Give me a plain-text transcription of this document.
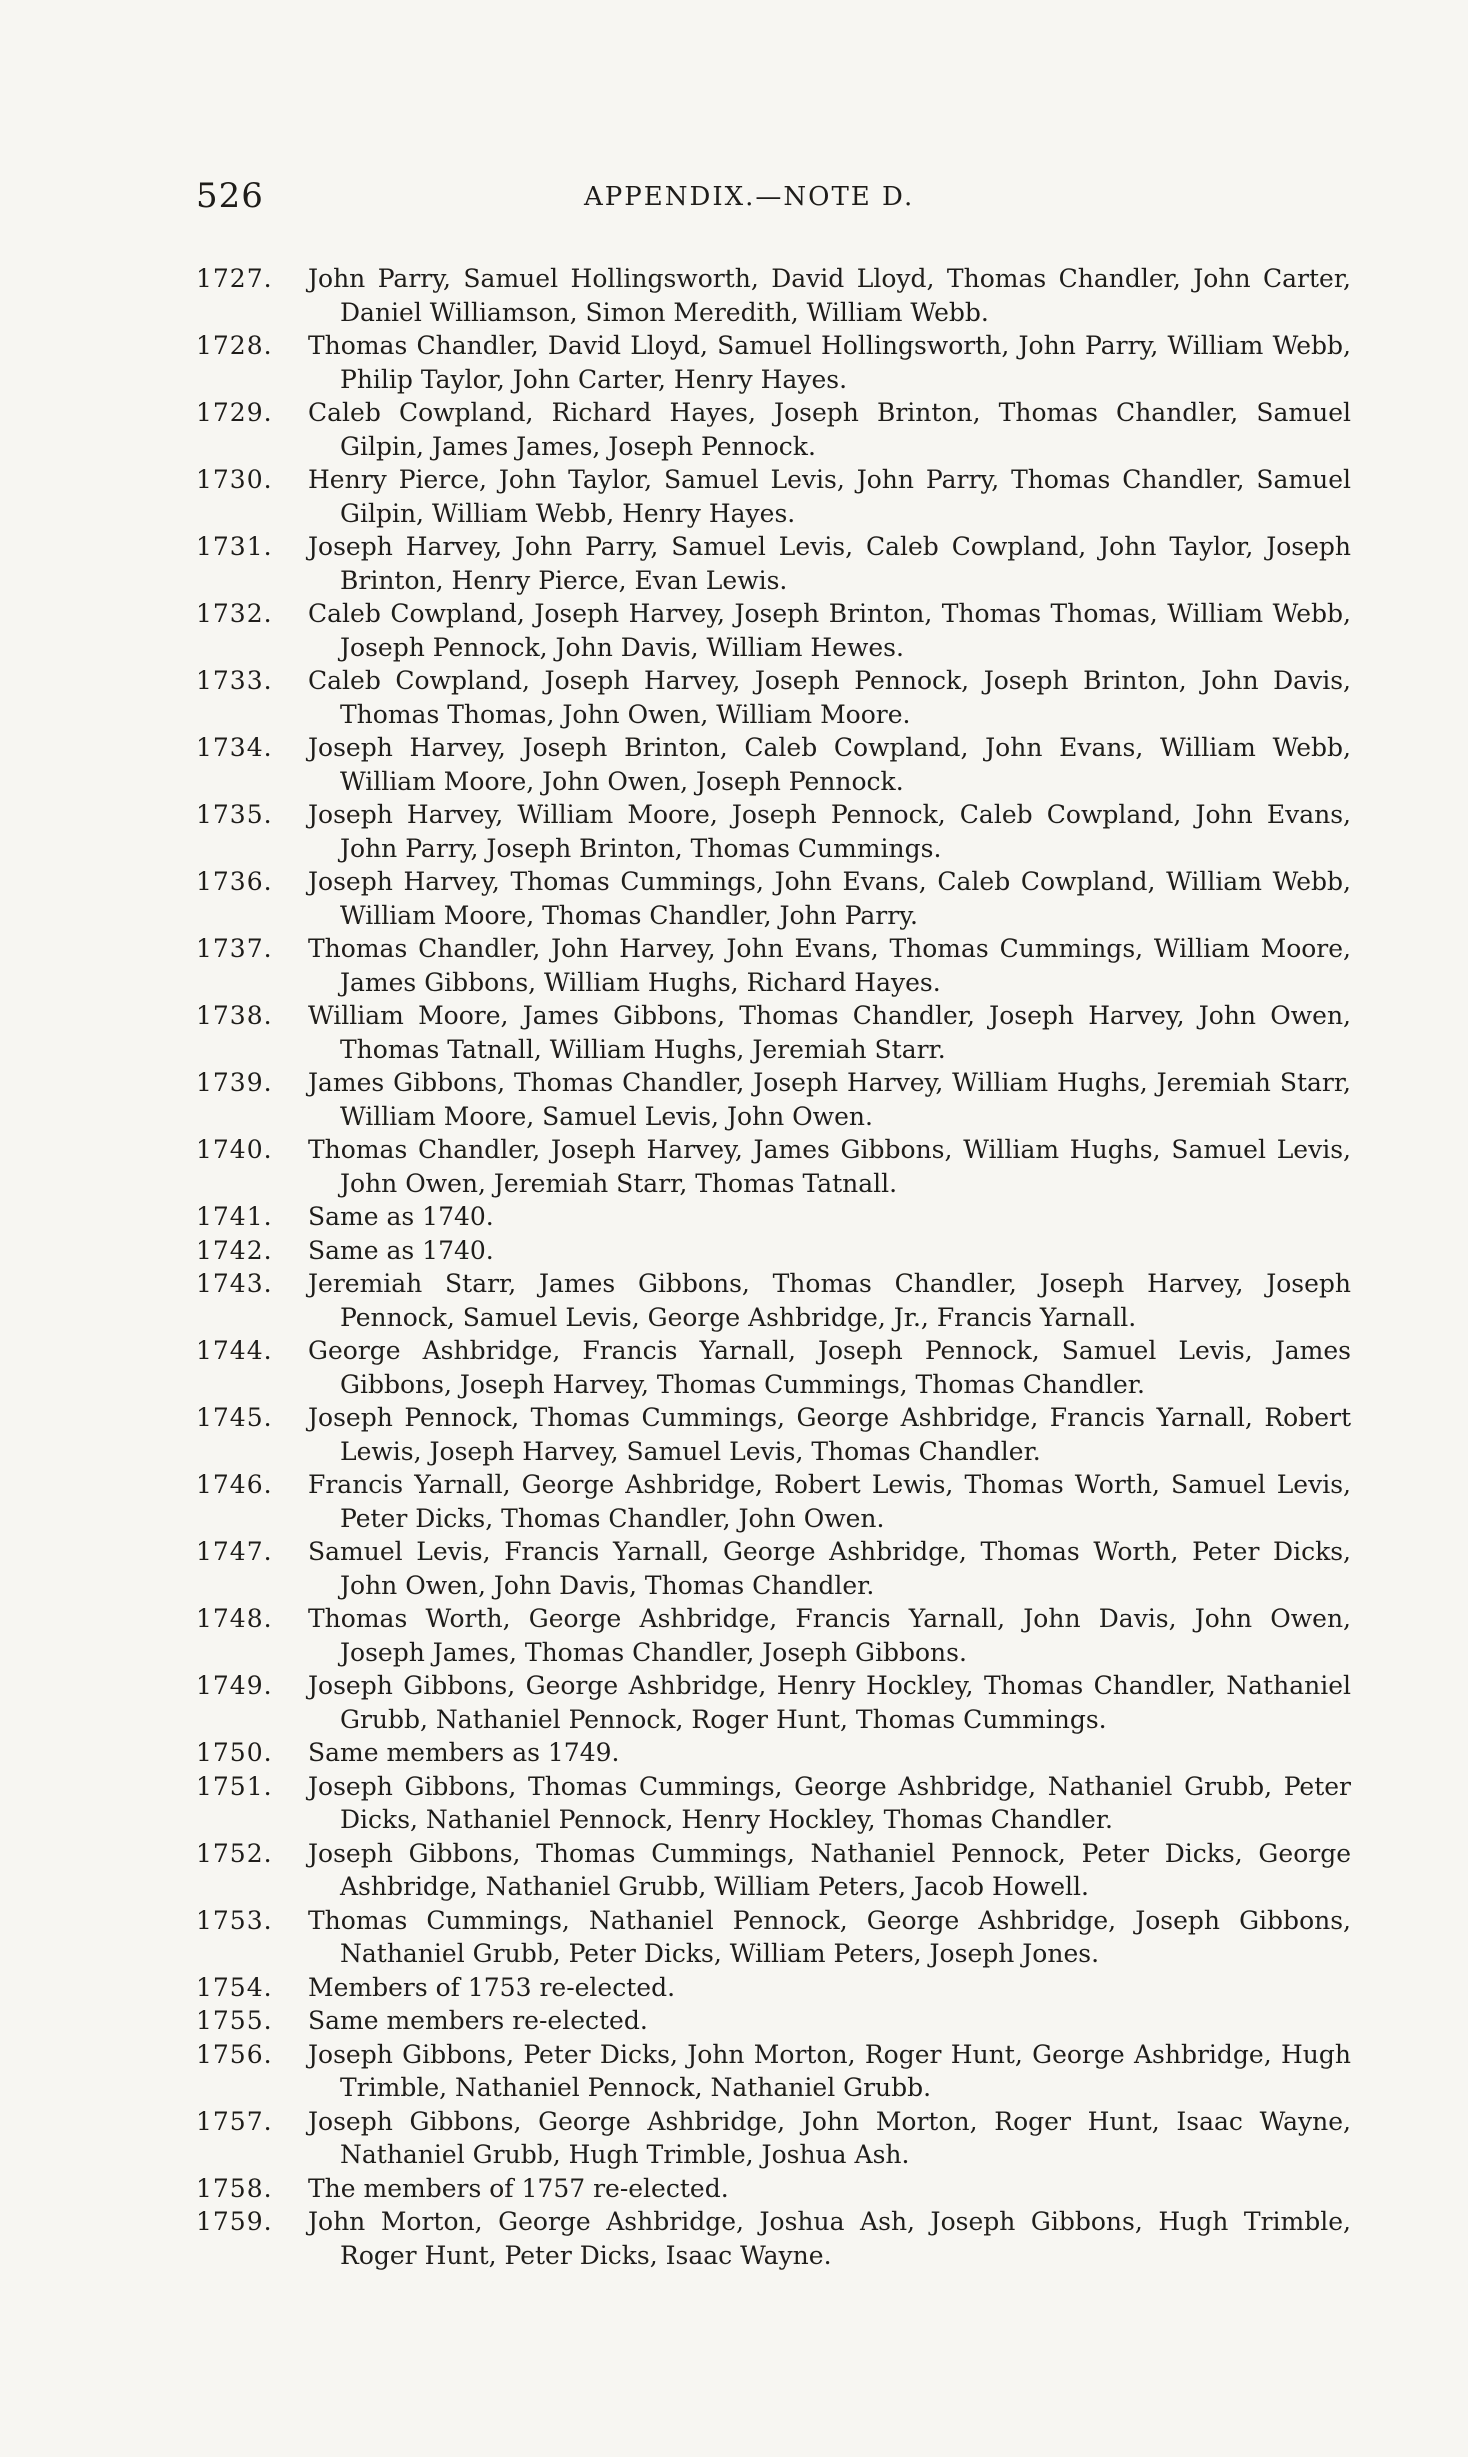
526	APPENDIX.—NOTE D.
1727.	John Parry, Samuel Hollingsworth, David Lloyd, Thomas Chandler, John Carter, Daniel Williamson, Simon Meredith, William Webb.
1728.	Thomas Chandler, David Lloyd, Samuel Hollingsworth, John Parry, William Webb, Philip Taylor, John Carter, Henry Hayes.
1729.	Caleb Cowpland, Richard Hayes, Joseph Brinton, Thomas Chandler, Samuel Gilpin, James James, Joseph Pennock.
1730.	Henry Pierce, John Taylor, Samuel Levis, John Parry, Thomas Chandler, Samuel Gilpin, William Webb, Henry Hayes.
1731.	Joseph Harvey, John Parry, Samuel Levis, Caleb Cowpland, John Taylor, Joseph Brinton, Henry Pierce, Evan Lewis.
1732.	Caleb Cowpland, Joseph Harvey, Joseph Brinton, Thomas Thomas, William Webb, Joseph Pennock, John Davis, William Hewes.
1733.	Caleb Cowpland, Joseph Harvey, Joseph Pennock, Joseph Brinton, John Davis, Thomas Thomas, John Owen, William Moore.
1734.	Joseph Harvey, Joseph Brinton, Caleb Cowpland, John Evans, William Webb, William Moore, John Owen, Joseph Pennock.
1735.	Joseph Harvey, William Moore, Joseph Pennock, Caleb Cowpland, John Evans, John Parry, Joseph Brinton, Thomas Cummings.
1736.	Joseph Harvey, Thomas Cummings, John Evans, Caleb Cowpland, William Webb, William Moore, Thomas Chandler, John Parry.
1737.	Thomas Chandler, John Harvey, John Evans, Thomas Cummings, William Moore, James Gibbons, William Hughs, Richard Hayes.
1738.	William Moore, James Gibbons, Thomas Chandler, Joseph Harvey, John Owen, Thomas Tatnall, William Hughs, Jeremiah Starr.
1739.	James Gibbons, Thomas Chandler, Joseph Harvey, William Hughs, Jeremiah Starr, William Moore, Samuel Levis, John Owen.
1740.	Thomas Chandler, Joseph Harvey, James Gibbons, William Hughs, Samuel Levis, John Owen, Jeremiah Starr, Thomas Tatnall.
1741.	Same as 1740.
1742.	Same as 1740.
1743.	Jeremiah Starr, James Gibbons, Thomas Chandler, Joseph Harvey, Joseph Pennock, Samuel Levis, George Ashbridge, Jr., Francis Yarnall.
1744.	George Ashbridge, Francis Yarnall, Joseph Pennock, Samuel Levis, James Gibbons, Joseph Harvey, Thomas Cummings, Thomas Chandler.
1745.	Joseph Pennock, Thomas Cummings, George Ashbridge, Francis Yarnall, Robert Lewis, Joseph Harvey, Samuel Levis, Thomas Chandler.
1746.	Francis Yarnall, George Ashbridge, Robert Lewis, Thomas Worth, Samuel Levis, Peter Dicks, Thomas Chandler, John Owen.
1747.	Samuel Levis, Francis Yarnall, George Ashbridge, Thomas Worth, Peter Dicks, John Owen, John Davis, Thomas Chandler.
1748.	Thomas Worth, George Ashbridge, Francis Yarnall, John Davis, John Owen, Joseph James, Thomas Chandler, Joseph Gibbons.
1749.	Joseph Gibbons, George Ashbridge, Henry Hockley, Thomas Chandler, Nathaniel Grubb, Nathaniel Pennock, Roger Hunt, Thomas Cummings.
1750.	Same members as 1749.
1751.	Joseph Gibbons, Thomas Cummings, George Ashbridge, Nathaniel Grubb, Peter Dicks, Nathaniel Pennock, Henry Hockley, Thomas Chandler.
1752.	Joseph Gibbons, Thomas Cummings, Nathaniel Pennock, Peter Dicks, George Ashbridge, Nathaniel Grubb, William Peters, Jacob Howell.
1753.	Thomas Cummings, Nathaniel Pennock, George Ashbridge, Joseph Gibbons, Nathaniel Grubb, Peter Dicks, William Peters, Joseph Jones.
1754.	Members of 1753 re-elected.
1755.	Same members re-elected.
1756.	Joseph Gibbons, Peter Dicks, John Morton, Roger Hunt, George Ashbridge, Hugh Trimble, Nathaniel Pennock, Nathaniel Grubb.
1757.	Joseph Gibbons, George Ashbridge, John Morton, Roger Hunt, Isaac Wayne, Nathaniel Grubb, Hugh Trimble, Joshua Ash.
1758.	The members of 1757 re-elected.
1759.	John Morton, George Ashbridge, Joshua Ash, Joseph Gibbons, Hugh Trimble, Roger Hunt, Peter Dicks, Isaac Wayne.
